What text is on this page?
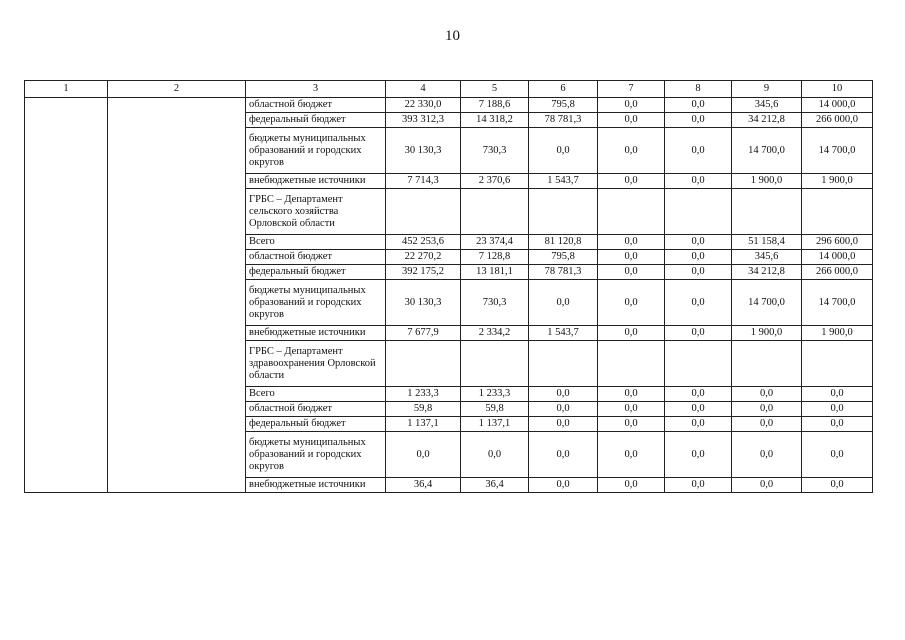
10
1	2	3	4	5	6	7	8	9	10
		областной бюджет	22 330,0	7 188,6	795,8	0,0	0,0	345,6	14 000,0
		федеральный бюджет	393 312,3	14 318,2	78 781,3	0,0	0,0	34 212,8	266 000,0
		бюджеты муниципальных образований и городских округов	30 130,3	730,3	0,0	0,0	0,0	14 700,0	14 700,0
		внебюджетные источники	7 714,3	2 370,6	1 543,7	0,0	0,0	1 900,0	1 900,0
		ГРБС – Департамент сельского хозяйства Орловской области							
		Всего	452 253,6	23 374,4	81 120,8	0,0	0,0	51 158,4	296 600,0
		областной бюджет	22 270,2	7 128,8	795,8	0,0	0,0	345,6	14 000,0
		федеральный бюджет	392 175,2	13 181,1	78 781,3	0,0	0,0	34 212,8	266 000,0
		бюджеты муниципальных образований и городских округов	30 130,3	730,3	0,0	0,0	0,0	14 700,0	14 700,0
		внебюджетные источники	7 677,9	2 334,2	1 543,7	0,0	0,0	1 900,0	1 900,0
		ГРБС – Департамент здравоохранения Орловской области							
		Всего	1 233,3	1 233,3	0,0	0,0	0,0	0,0	0,0
		областной бюджет	59,8	59,8	0,0	0,0	0,0	0,0	0,0
		федеральный бюджет	1 137,1	1 137,1	0,0	0,0	0,0	0,0	0,0
		бюджеты муниципальных образований и городских округов	0,0	0,0	0,0	0,0	0,0	0,0	0,0
		внебюджетные источники	36,4	36,4	0,0	0,0	0,0	0,0	0,0
